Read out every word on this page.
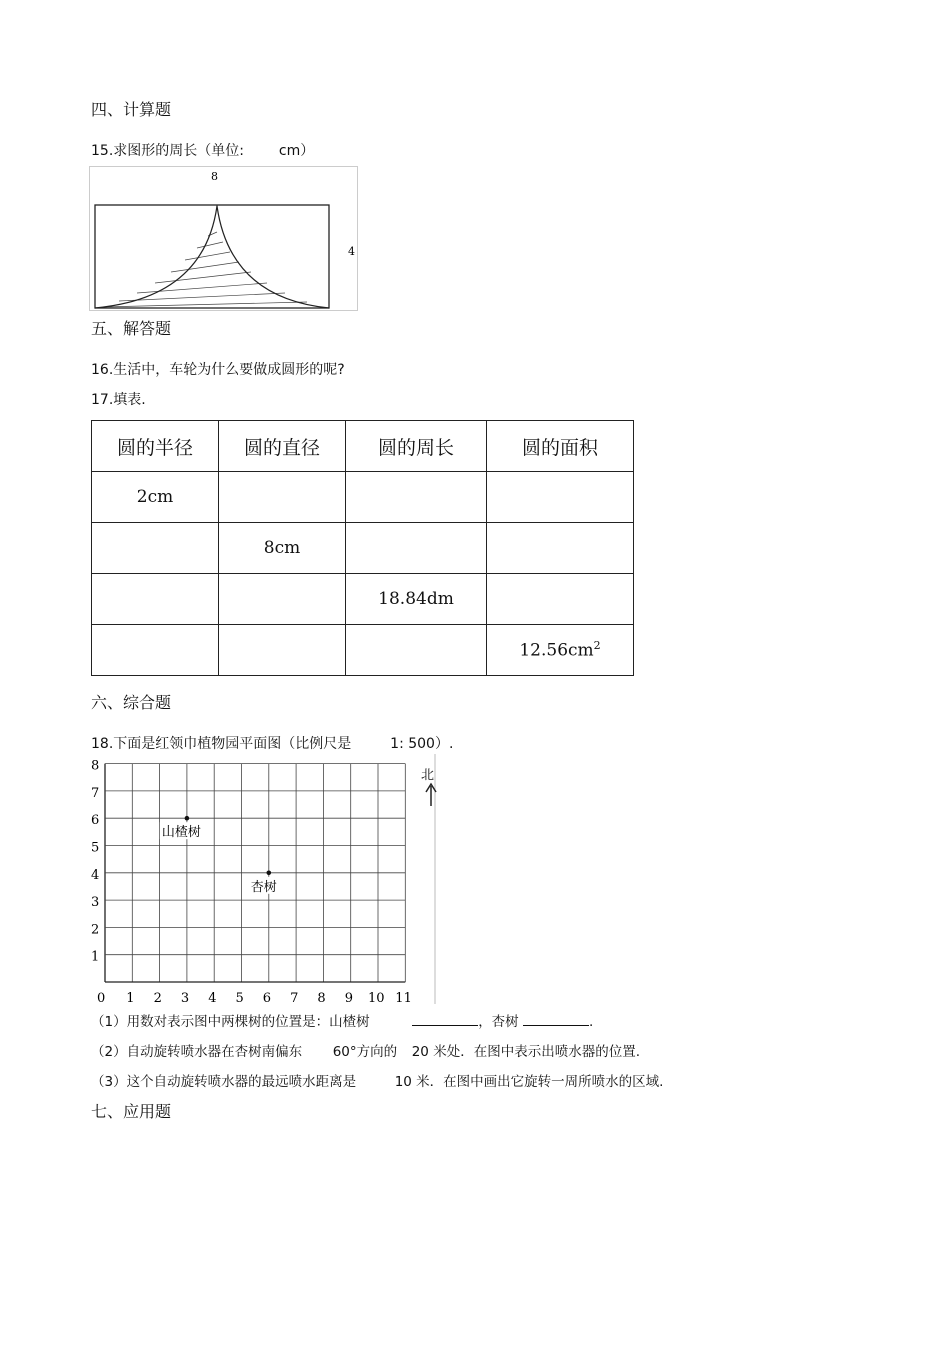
四、计算题
15.求图形的周长（单位: cm）
8
4
五、解答题
16.生活中，车轮为什么要做成圆形的呢?
17.填表.
圆的半径	圆的直径	圆的周长	圆的面积
2cm			
	8cm		
		18.84dm	
			$12.56cm^2$
六、综合题
18.下面是红领巾植物园平面图（比例尺是	1: 500）.
8
7
6
5
4
3
2
1
0 1 2 3 4 5 6 7 8 9 10 11
山楂树
杏树
北
（1）用数对表示图中两棵树的位置是：山楂树	，杏树	.
（2）自动旋转喷水器在杏树南偏东 60°方向的 20 米处．在图中表示出喷水器的位置.
（3）这个自动旋转喷水器的最远喷水距离是	10 米．在图中画出它旋转一周所喷水的区域.
七、应用题
